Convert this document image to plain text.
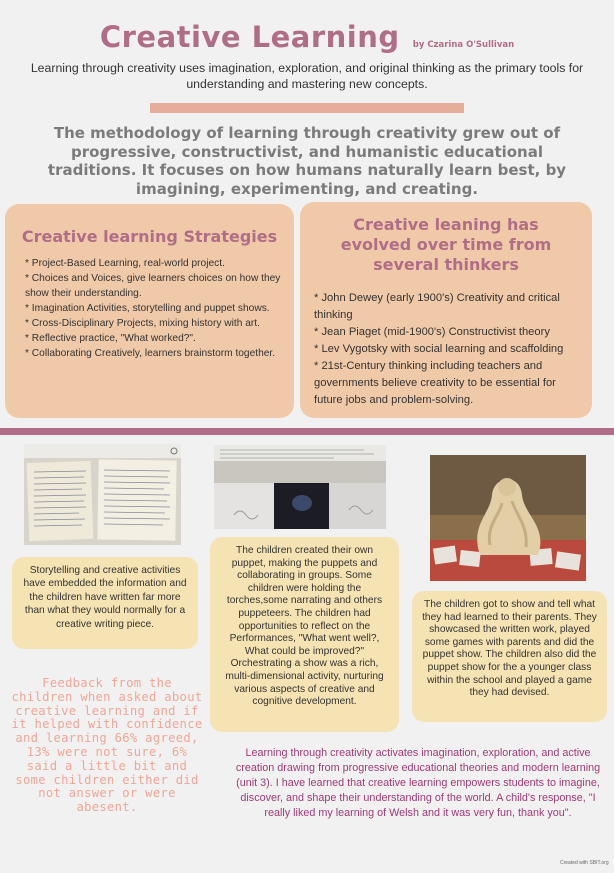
Creative Learning by Czarina O'Sullivan
Learning through creativity uses imagination, exploration, and original thinking as the primary tools for understanding and mastering new concepts.
The methodology of learning through creativity grew out of progressive, constructivist, and humanistic educational traditions. It focuses on how humans naturally learn best, by imagining, experimenting, and creating.
Creative learning Strategies
* Project-Based Learning, real-world project.
* Choices and Voices, give learners choices on how they show their understanding.
* Imagination Activities, storytelling and puppet shows.
* Cross-Disciplinary Projects, mixing history with art.
* Reflective practice, "What worked?".
* Collaborating Creatively, learners brainstorm together.
Creative leaning has evolved over time from several thinkers
* John Dewey (early 1900's) Creativity and critical thinking
* Jean Piaget (mid-1900's) Constructivist theory
* Lev Vygotsky with social learning and scaffolding
* 21st-Century thinking including teachers and governments believe creativity to be essential for future jobs and problem-solving.
Storytelling and creative activities have embedded the information and the children have written far more than what they would normally for a creative writing piece.
The children created their own puppet, making the puppets and collaborating in groups. Some children were holding the torches,some narrating and others puppeteers. The children had opportunities to reflect on the Performances, "What went well?, What could be improved?" Orchestrating a show was a rich, multi-dimensional activity, nurturing various aspects of creative and cognitive development.
The children got to show and tell what they had learned to their parents. They showcased the written work, played some games with parents and did the puppet show. The children also did the puppet show for the a younger class within the school and played a game they had devised.
Feedback from the children when asked about creative learning and if it helped with confidence and learning 66% agreed, 13% were not sure, 6% said a little bit and some children either did not answer or were abesent.
Learning through creativity activates imagination, exploration, and active creation drawing from progressive educational theories and modern learning (unit 3). I have learned that creative learning empowers students to imagine, discover, and shape their understanding of the world. A child's response, "I really liked my learning of Welsh and it was very fun, thank you".
Created with SBIT.org
